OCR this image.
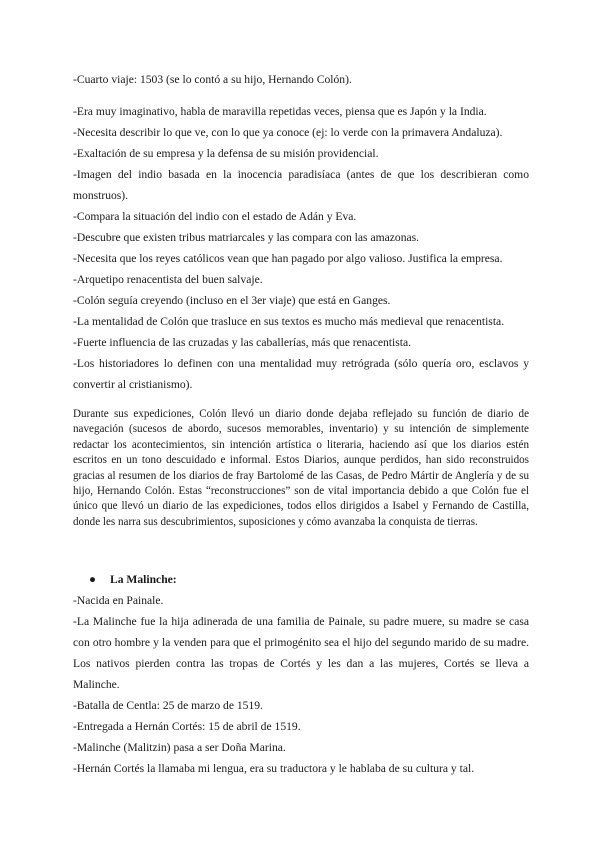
-Cuarto viaje: 1503 (se lo contó a su hijo, Hernando Colón).
-Era muy imaginativo, habla de maravilla repetidas veces, piensa que es Japón y la India.
-Necesita describir lo que ve, con lo que ya conoce (ej: lo verde con la primavera Andaluza).
-Exaltación de su empresa y la defensa de su misión providencial.
-Imagen del indio basada en la inocencia paradisíaca (antes de que los describieran como monstruos).
-Compara la situación del indio con el estado de Adán y Eva.
-Descubre que existen tribus matriarcales y las compara con las amazonas.
-Necesita que los reyes católicos vean que han pagado por algo valioso. Justifica la empresa.
-Arquetipo renacentista del buen salvaje.
-Colón seguía creyendo (incluso en el 3er viaje) que está en Ganges.
-La mentalidad de Colón que trasluce en sus textos es mucho más medieval que renacentista.
-Fuerte influencia de las cruzadas y las caballerías, más que renacentista.
-Los historiadores lo definen con una mentalidad muy retrógrada (sólo quería oro, esclavos y convertir al cristianismo).
Durante sus expediciones, Colón llevó un diario donde dejaba reflejado su función de diario de navegación (sucesos de abordo, sucesos memorables, inventario) y su intención de simplemente redactar los acontecimientos, sin intención artística o literaria, haciendo así que los diarios estén escritos en un tono descuidado e informal. Estos Diarios, aunque perdidos, han sido reconstruidos gracias al resumen de los diarios de fray Bartolomé de las Casas, de Pedro Mártir de Anglería y de su hijo, Hernando Colón. Estas “reconstrucciones” son de vital importancia debido a que Colón fue el único que llevó un diario de las expediciones, todos ellos dirigidos a Isabel y Fernando de Castilla, donde les narra sus descubrimientos, suposiciones y cómo avanzaba la conquista de tierras.
● La Malinche:
-Nacida en Painale.
-La Malinche fue la hija adinerada de una familia de Painale, su padre muere, su madre se casa con otro hombre y la venden para que el primogénito sea el hijo del segundo marido de su madre. Los nativos pierden contra las tropas de Cortés y les dan a las mujeres, Cortés se lleva a Malinche.
-Batalla de Centla: 25 de marzo de 1519.
-Entregada a Hernán Cortés: 15 de abril de 1519.
-Malinche (Malitzin) pasa a ser Doña Marina.
-Hernán Cortés la llamaba mi lengua, era su traductora y le hablaba de su cultura y tal.
